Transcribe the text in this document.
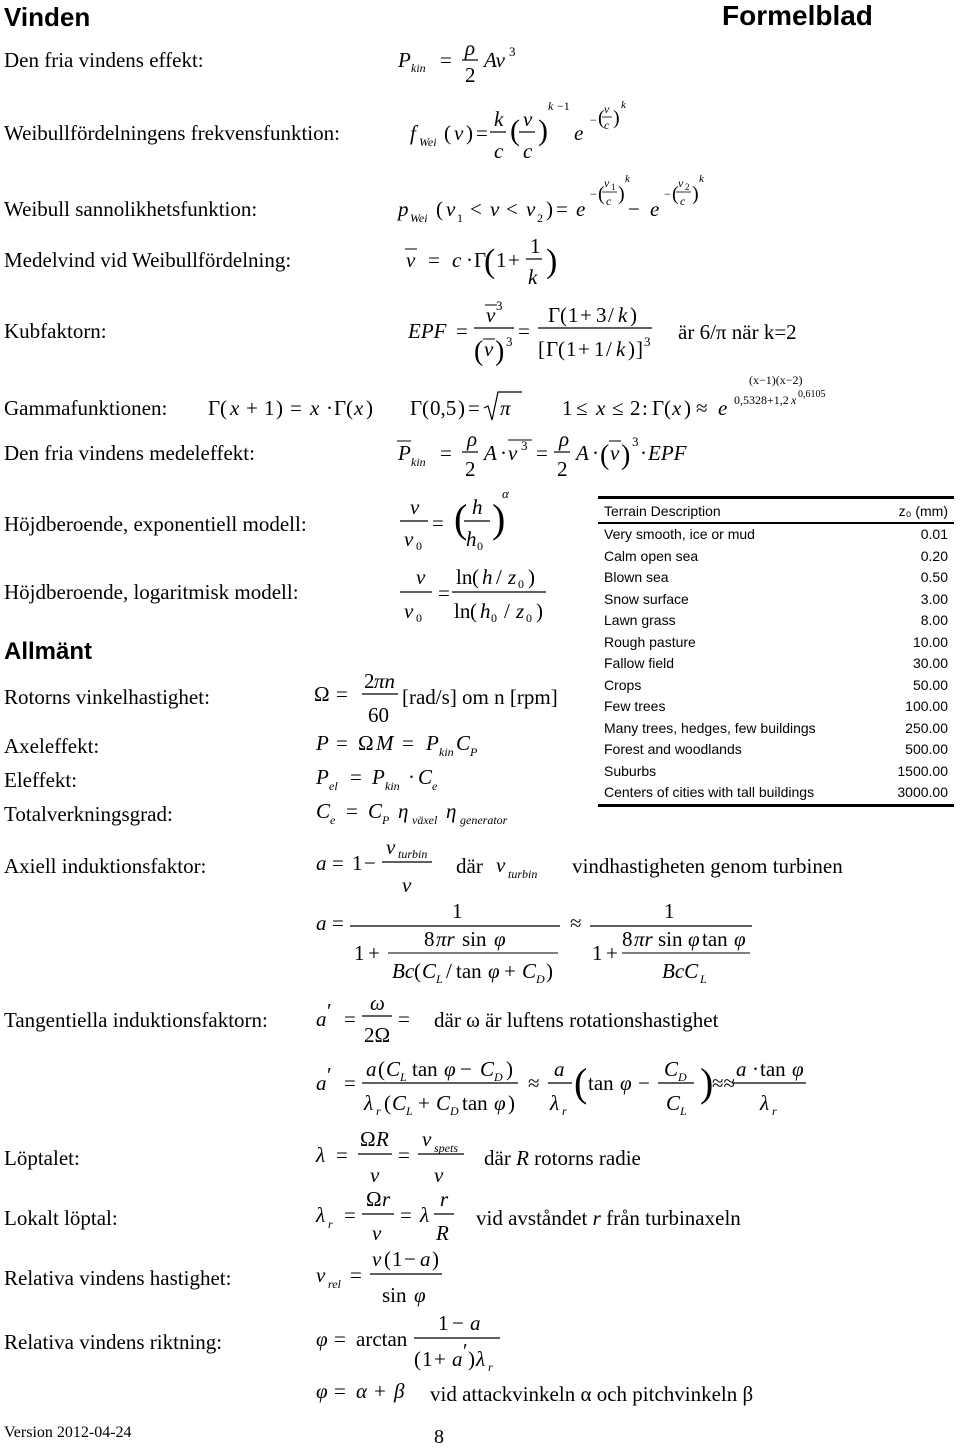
Vinden	Formelblad
Den fria vindens effekt:
Weibullfördelningens frekvensfunktion:
Weibull sannolikhetsfunktion:
Medelvind vid Weibullfördelning:
Kubfaktorn:
Gammafunktionen:
Den fria vindens medeleffekt:
Höjdberoende, exponentiell modell:
Höjdberoende, logaritmisk modell:
P kin = ρ
2
Av 3
f Wei ( v ) =
k
c
( v
c
)
k −1
e
− ( v
c )
k
p Wei ( v 1 < v < v 2 ) = e
− ( v 1
c )
k
− e
− ( v 2
c )
k
v = c · Γ
( 1 +
1
k )
EPF =
v 3
( v ) 3 =
Γ ( 1 + 3 / k )
[ Γ ( 1 + 1 / k ) ] 3
Γ ( x + 1 ) = x · Γ ( x ) Γ ( 0,5 ) = π 1 ≤ x ≤ 2 : Γ ( x ) ≈ e 0,5328+1,2 x 0,6105
(x−1)(x−2)
P kin =
ρ
2
A · v 3 =
ρ
2
A · ( v ) 3 · EPF
v
v 0
= ( h
h 0
)
α
v
v 0
=
ln ( h / z 0 )
ln ( h 0 / z 0 )
Ω =
2 πn
60
P = Ω M = P kin C P
P el = P kin · C e
C e = C P η växel η generator
a = 1 −
v turbin
v
v turbin
a =	1
1 +
8 πr sin φ
Bc ( C L / tan φ + C D )
≈	1
1 +
8 πr sin φ tan φ
BcC L
a ′ =
ω
2Ω
=
a ′ =
a ( C L tan φ − C D )
λ r ( C L + C D tan φ )
≈
a
λ r
( tan φ −
C D
C L
)
≈≈
a · tan φ
λ r
λ =
Ω R
v
=
v spets
v
λ r =
Ω r
v
= λ
r
R
v rel =
v ( 1 − a )
sin φ
φ = arctan
1 − a
( 1 + a ′ ) λ r
φ = α + β
är 6/π när k=2
Terrain Description	z₀ (mm)
Very smooth, ice or mud	0.01
Calm open sea	0.20
Blown sea	0.50
Snow surface	3.00
Lawn grass	8.00
Rough pasture	10.00
Fallow field	30.00
Crops	50.00
Few trees	100.00
Many trees, hedges, few buildings	250.00
Forest and woodlands	500.00
Suburbs	1500.00
Centers of cities with tall buildings	3000.00
Allmänt
Rotorns vinkelhastighet:	[rad/s] om n [rpm]
Axeleffekt:
Eleffekt:
Totalverkningsgrad:
Axiell induktionsfaktor:	där	vindhastigheten genom turbinen
Tangentiella induktionsfaktorn:	där ω är luftens rotationshastighet
Löptalet:	där R rotorns radie
Lokalt löptal:	vid avståndet r från turbinaxeln
Relativa vindens hastighet:
Relativa vindens riktning:
vid attackvinkeln α och pitchvinkeln β
Version 2012-04-24	8
